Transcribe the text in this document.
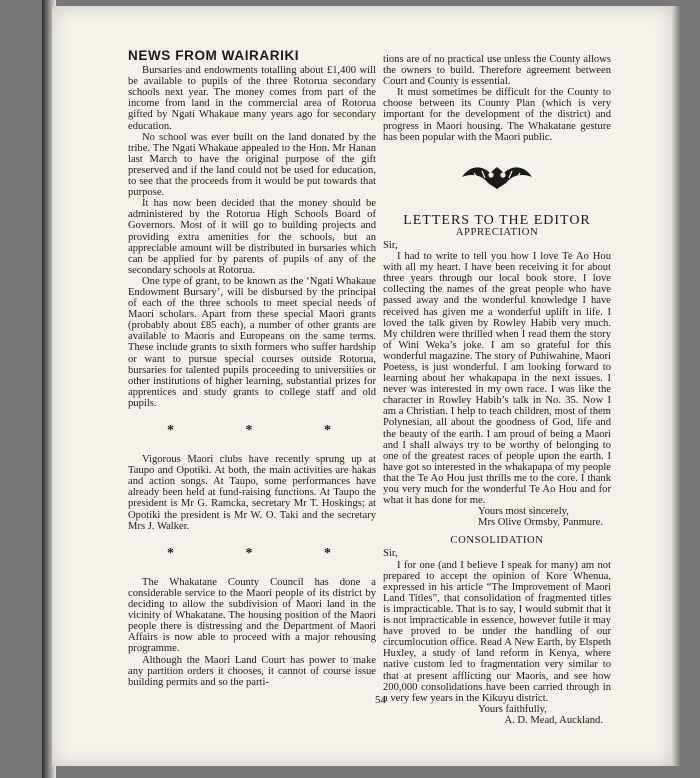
NEWS FROM WAIRARIKI

Bursaries and endowments totalling about £1,400 will be available to pupils of the three Rotorua secondary schools next year. The money comes from part of the income from land in the commercial area of Rotorua gifted by Ngati Whakaue many years ago for secondary education.

No school was ever built on the land donated by the tribe. The Ngati Whakaue appealed to the Hon. Mr Hanan last March to have the original purpose of the gift preserved and if the land could not be used for education, to see that the proceeds from it would be put towards that purpose.

It has now been decided that the money should be administered by the Rotorua High Schools Board of Governors. Most of it will go to building projects and providing extra amenities for the schools, but an appreciable amount will be distributed in bursaries which can be applied for by parents of pupils of any of the secondary schools at Rotorua.

One type of grant, to be known as the ‘Ngati Whakaue Endowment Bursary’, will be disbursed by the principal of each of the three schools to meet special needs of Maori scholars. Apart from these special Maori grants (probably about £85 each), a number of other grants are available to Maoris and Europeans on the same terms. These include grants to sixth formers who suffer hardship or want to pursue special courses outside Rotorua, bursaries for talented pupils proceeding to universities or other institutions of higher learning, substantial prizes for apprentices and study grants to college staff and old pupils.

* * *

Vigorous Maori clubs have recently sprung up at Taupo and Opotiki. At both, the main activities are hakas and action songs. At Taupo, some performances have already been held at fund-raising functions. At Taupo the president is Mr G. Ramcka, secretary Mr T. Hoskings; at Opotiki the president is Mr W. O. Taki and the secretary Mrs J. Walker.

* * *

The Whakatane County Council has done a considerable service to the Maori people of its district by deciding to allow the subdivision of Maori land in the vicinity of Whakatane. The housing position of the Maori people there is distressing and the Department of Maori Affairs is now able to proceed with a major rehousing programme.

Although the Maori Land Court has power to make any partition orders it chooses, it cannot of course issue building permits and so the parti-

tions are of no practical use unless the County allows the owners to build. Therefore agreement between Court and County is essential.

It must sometimes be difficult for the County to choose between its County Plan (which is very important for the development of the district) and progress in Maori housing. The Whakatane gesture has been popular with the Maori public.

LETTERS TO THE EDITOR

APPRECIATION

Sir,

I had to write to tell you how I love Te Ao Hou with all my heart. I have been receiving it for about three years through our local book store. I love collecting the names of the great people who have passed away and the wonderful knowledge I have received has given me a wonderful uplift in life. I loved the talk given by Rowley Habib very much. My children were thrilled when I read them the story of Wini Weka’s joke. I am so grateful for this wonderful magazine. The story of Puhiwahine, Maori Poetess, is just wonderful. I am looking forward to learning about her whakapapa in the next issues. I never was interested in my own race. I was like the character in Rowley Habib’s talk in No. 35. Now I am a Christian. I help to teach children, most of them Polynesian, all about the goodness of God, life and the beauty of the earth. I am proud of being a Maori and I shall always try to be worthy of belonging to one of the greatest races of people upon the earth. I have got so interested in the whakapapa of my people that the Te Ao Hou just thrills me to the core. I thank you very much for the wonderful Te Ao Hou and for what it has done for me.

Yours most sincerely,

Mrs Olive Ormsby, Panmure.

CONSOLIDATION

Sir,

I for one (and I believe I speak for many) am not prepared to accept the opinion of Kore Whenua, expressed in his article “The Improvement of Maori Land Titles”, that consolidation of fragmented titles is impracticable. That is to say, I would submit that it is not impracticable in essence, however futile it may have proved to be under the handling of our circumlocution office. Read A New Earth, by Elspeth Huxley, a study of land reform in Kenya, where native custom led to fragmentation very similar to that at present afflicting our Maoris, and see how 200,000 consolidations have been carried through in a very few years in the Kikuyu district.

Yours faithfully,

A. D. Mead, Auckland.

54
